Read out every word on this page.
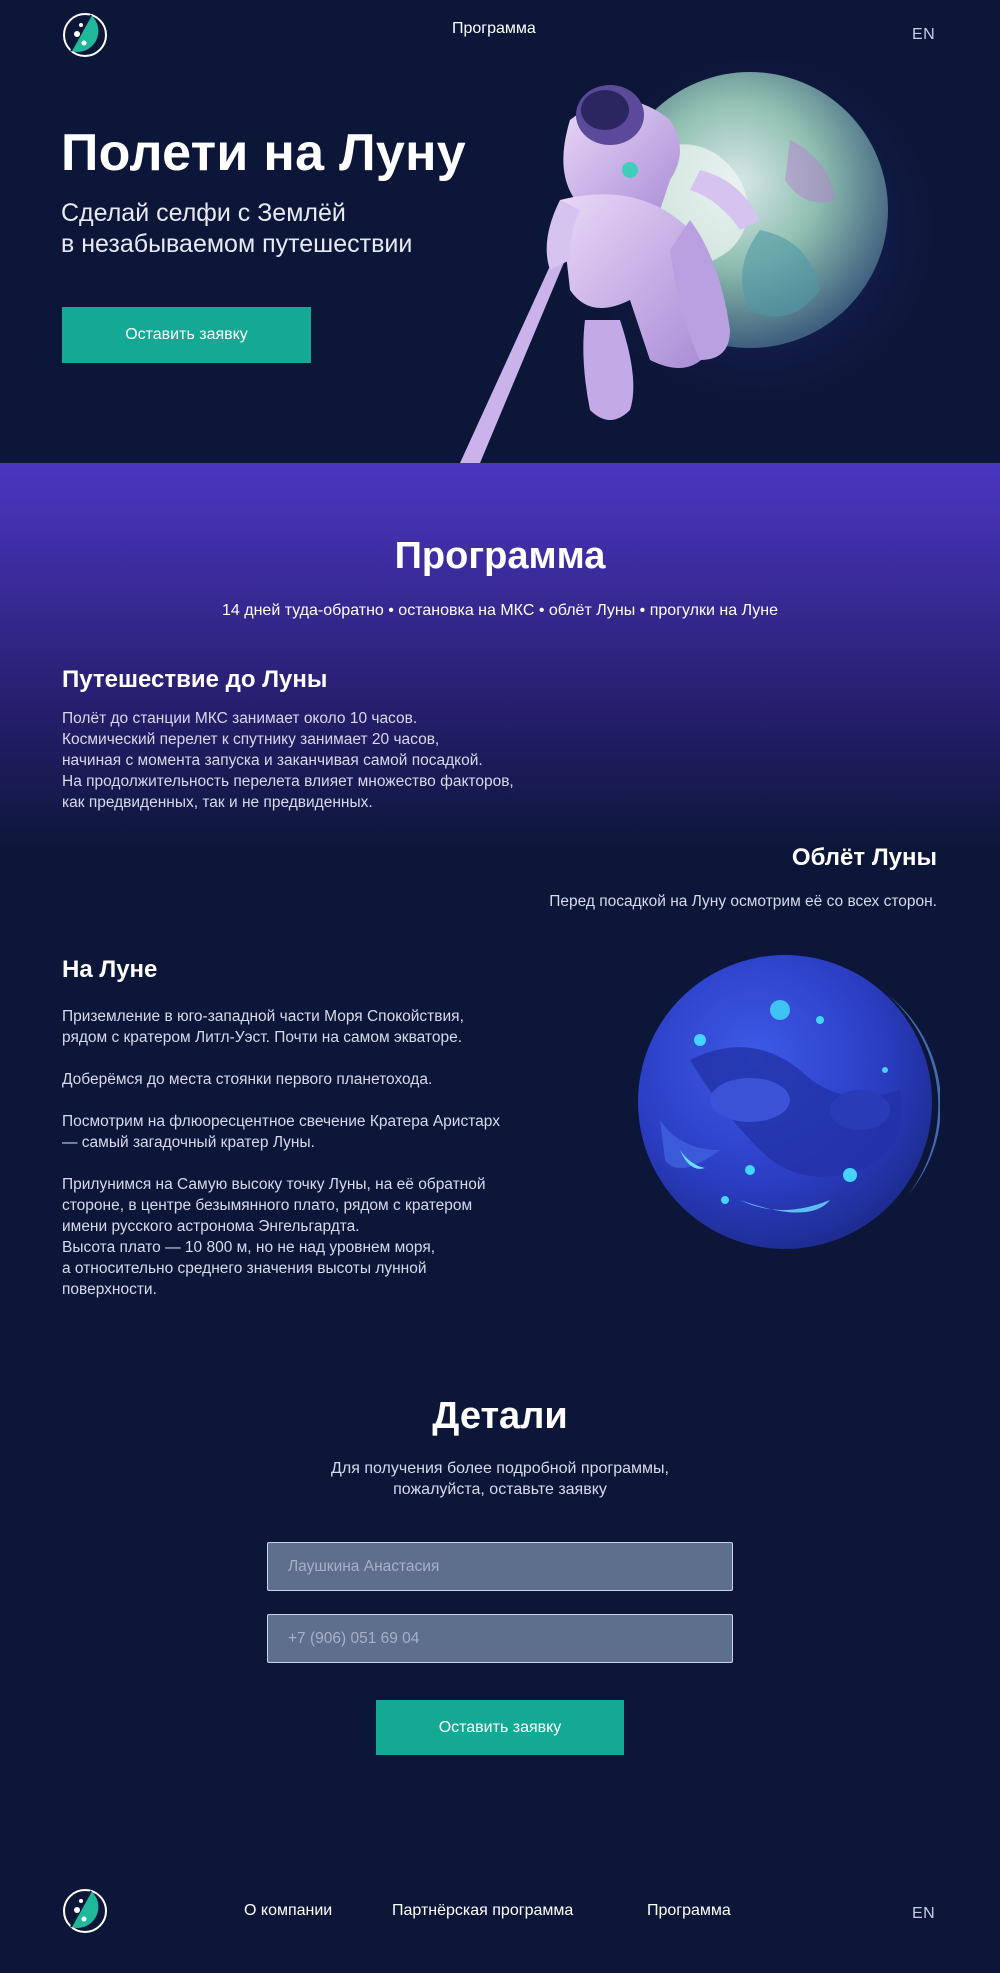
Программа	EN
Полети на Луну
Сделай селфи с Землёй
в незабываемом путешествии
Оставить заявку
Программа
14 дней туда-обратно • остановка на МКС • облёт Луны • прогулки на Луне
Путешествие до Луны
Полёт до станции МКС занимает около 10 часов.
Космический перелет к спутнику занимает 20 часов,
начиная с момента запуска и заканчивая самой посадкой.
На продолжительность перелета влияет множество факторов,
как предвиденных, так и не предвиденных.
Облёт Луны
Перед посадкой на Луну осмотрим её со всех сторон.
На Луне

Приземление в юго-западной части Моря Спокойствия,
рядом с кратером Литл-Уэст. Почти на самом экваторе.

Доберёмся до места стоянки первого планетохода.

Посмотрим на флюоресцентное свечение Кратера Аристарх
— самый загадочный кратер Луны.

Прилунимся на Самую высоку точку Луны, на её обратной
стороне, в центре безымянного плато, рядом с кратером
имени русского астронома Энгельгардта.
Высота плато — 10 800 м, но не над уровнем моря,
а относительно среднего значения высоты лунной
поверхности.

Детали
Для получения более подробной программы,
пожалуйста, оставьте заявку
Лаушкина Анастасия
+7 (906) 051 69 04
Оставить заявку
О компании	Партнёрская программа	Программа	EN
